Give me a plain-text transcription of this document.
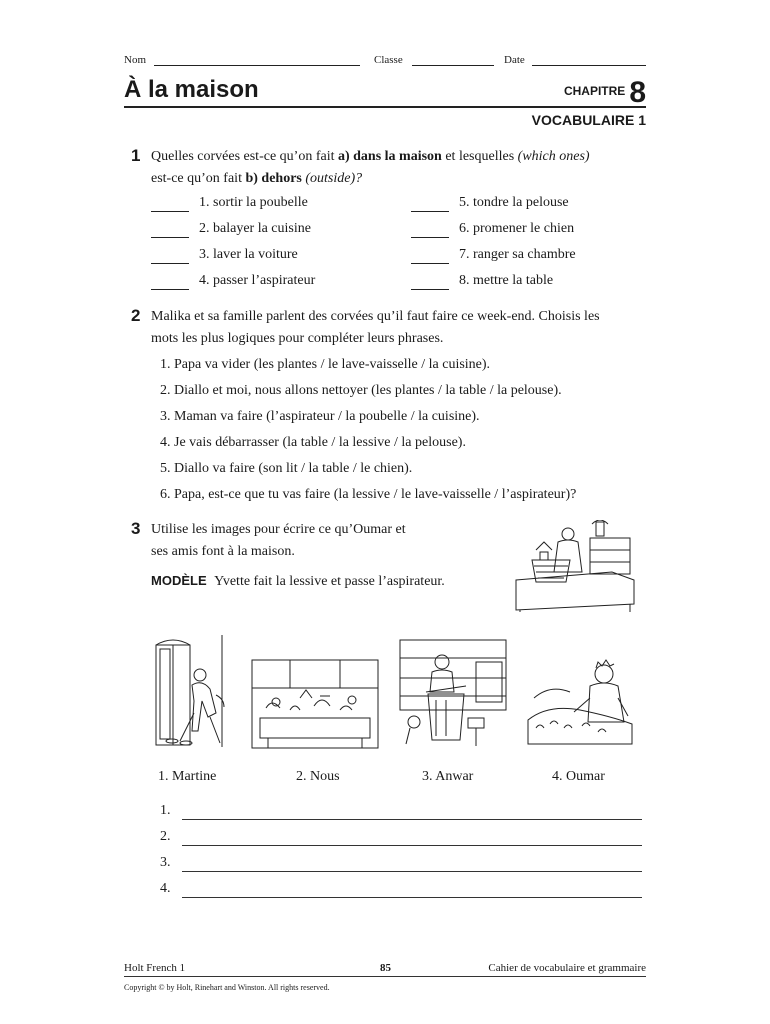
Nom	Classe	Date
À la maison	CHAPITRE 8
VOCABULAIRE 1
1 Quelles corvées est-ce qu’on fait a) dans la maison et lesquelles (which ones)
est-ce qu’on fait b) dehors (outside)?
1. sortir la poubelle
2. balayer la cuisine
3. laver la voiture
4. passer l’aspirateur
5. tondre la pelouse
6. promener le chien
7. ranger sa chambre
8. mettre la table
2 Malika et sa famille parlent des corvées qu’il faut faire ce week-end. Choisis les
mots les plus logiques pour compléter leurs phrases.
1. Papa va vider (les plantes / le lave-vaisselle / la cuisine).
2. Diallo et moi, nous allons nettoyer (les plantes / la table / la pelouse).
3. Maman va faire (l’aspirateur / la poubelle / la cuisine).
4. Je vais débarrasser (la table / la lessive / la pelouse).
5. Diallo va faire (son lit / la table / le chien).
6. Papa, est-ce que tu vas faire (la lessive / le lave-vaisselle / l’aspirateur)?
3 Utilise les images pour écrire ce qu’Oumar et
ses amis font à la maison.
MODÈLE Yvette fait la lessive et passe l’aspirateur.
1. Martine	2. Nous	3. Anwar	4. Oumar
1.
2.
3.
4.
Holt French 1	85	Cahier de vocabulaire et grammaire
Copyright © by Holt, Rinehart and Winston. All rights reserved.
